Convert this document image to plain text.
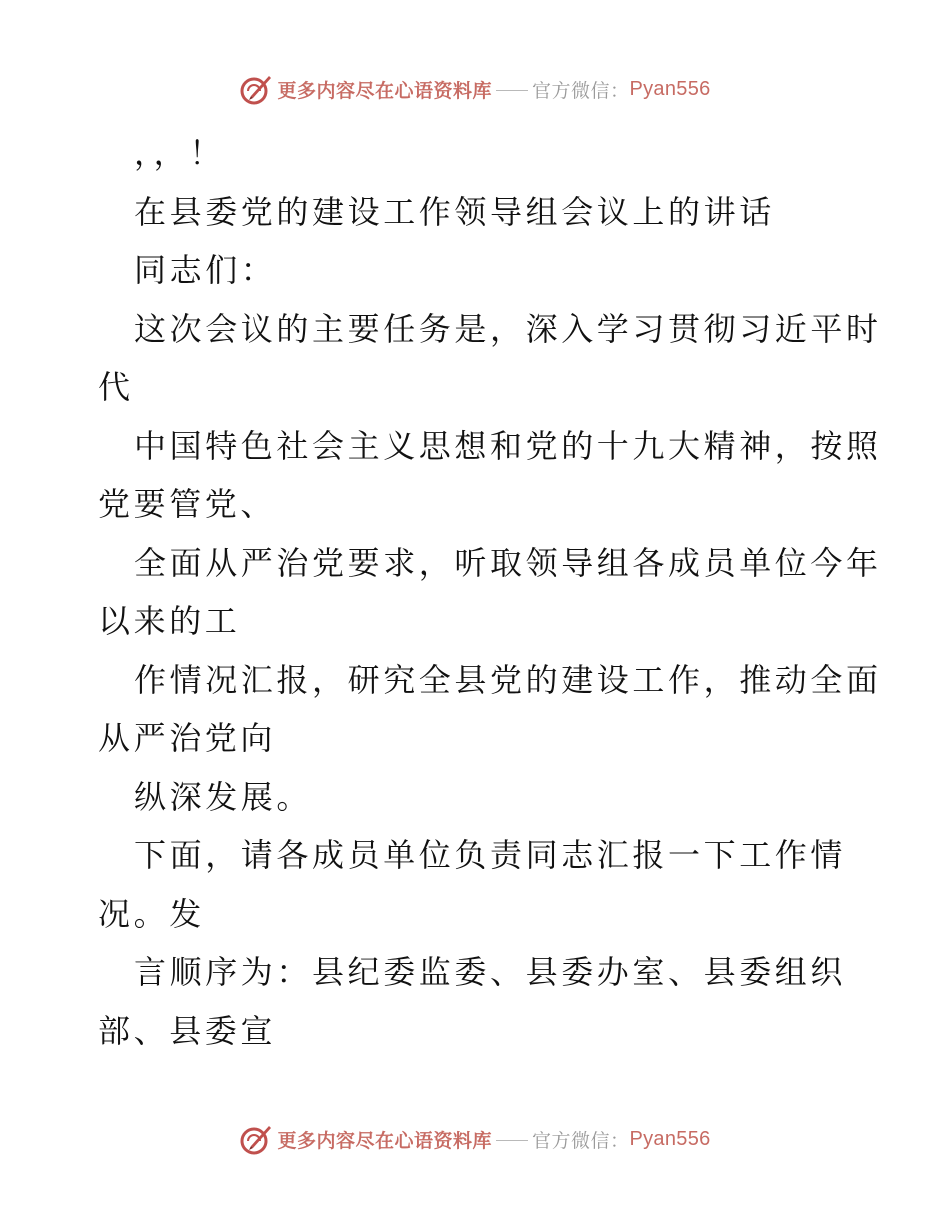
更多内容尽在心语资料库 官方微信： Pyan556
，，！
在县委党的建设工作领导组会议上的讲话
同志们：
这次会议的主要任务是，深入学习贯彻习近平时
代
中国特色社会主义思想和党的十九大精神，按照
党要管党、
全面从严治党要求，听取领导组各成员单位今年
以来的工
作情况汇报，研究全县党的建设工作，推动全面
从严治党向
纵深发展。
下面，请各成员单位负责同志汇报一下工作情
况。发
言顺序为：县纪委监委、县委办室、县委组织
部、县委宣
更多内容尽在心语资料库 官方微信： Pyan556
